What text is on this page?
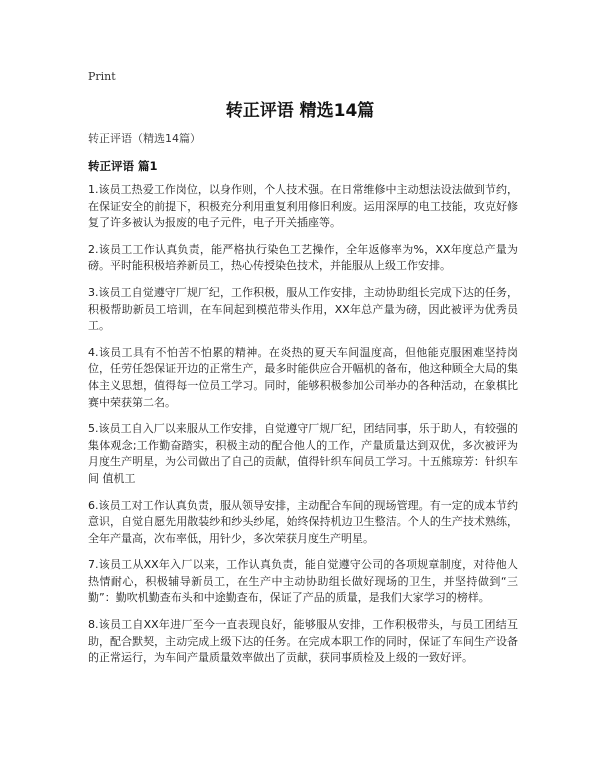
Print
转正评语 精选14篇
转正评语（精选14篇）
转正评语 篇1

1.该员工热爱工作岗位，以身作则，个人技术强。在日常维修中主动想法设法做到节约，在保证安全的前提下，积极充分利用重复利用修旧利废。运用深厚的电工技能，攻克好修复了许多被认为报废的电子元件，电子开关插座等。

2.该员工工作认真负责，能严格执行染色工艺操作，全年返修率为%，XX年度总产量为磅。平时能积极培养新员工，热心传授染色技术，并能服从上级工作安排。

3.该员工自觉遵守厂规厂纪，工作积极，服从工作安排，主动协助组长完成下达的任务，积极帮助新员工培训，在车间起到模范带头作用，XX年总产量为磅，因此被评为优秀员工。

4.该员工具有不怕苦不怕累的精神。在炎热的夏天车间温度高，但他能克服困难坚持岗位，任劳任怨保证开边的正常生产，最多时能供应合开幅机的备布，他这种顾全大局的集体主义思想，值得每一位员工学习。同时，能够积极参加公司举办的各种活动，在象棋比赛中荣获第二名。

5.该员工自入厂以来服从工作安排，自觉遵守厂规厂纪，团结同事，乐于助人，有较强的集体观念;工作勤奋踏实，积极主动的配合他人的工作，产量质量达到双优，多次被评为月度生产明星，为公司做出了自己的贡献，值得针织车间员工学习。十五熊琼芳：针织车间 值机工

6.该员工对工作认真负责，服从领导安排，主动配合车间的现场管理。有一定的成本节约意识，自觉自愿先用散装纱和纱头纱尾，始终保持机边卫生整洁。个人的生产技术熟练，全年产量高，次布率低，用针少，多次荣获月度生产明星。

7.该员工从XX年入厂以来，工作认真负责，能自觉遵守公司的各项规章制度，对待他人热情耐心，积极辅导新员工，在生产中主动协助组长做好现场的卫生，并坚持做到“三勤”：勤吹机勤查布头和中途勤查布，保证了产品的质量，是我们大家学习的榜样。

8.该员工自XX年进厂至今一直表现良好，能够服从安排，工作积极带头，与员工团结互助，配合默契，主动完成上级下达的任务。在完成本职工作的同时，保证了车间生产设备的正常运行，为车间产量质量效率做出了贡献，获同事质检及上级的一致好评。
